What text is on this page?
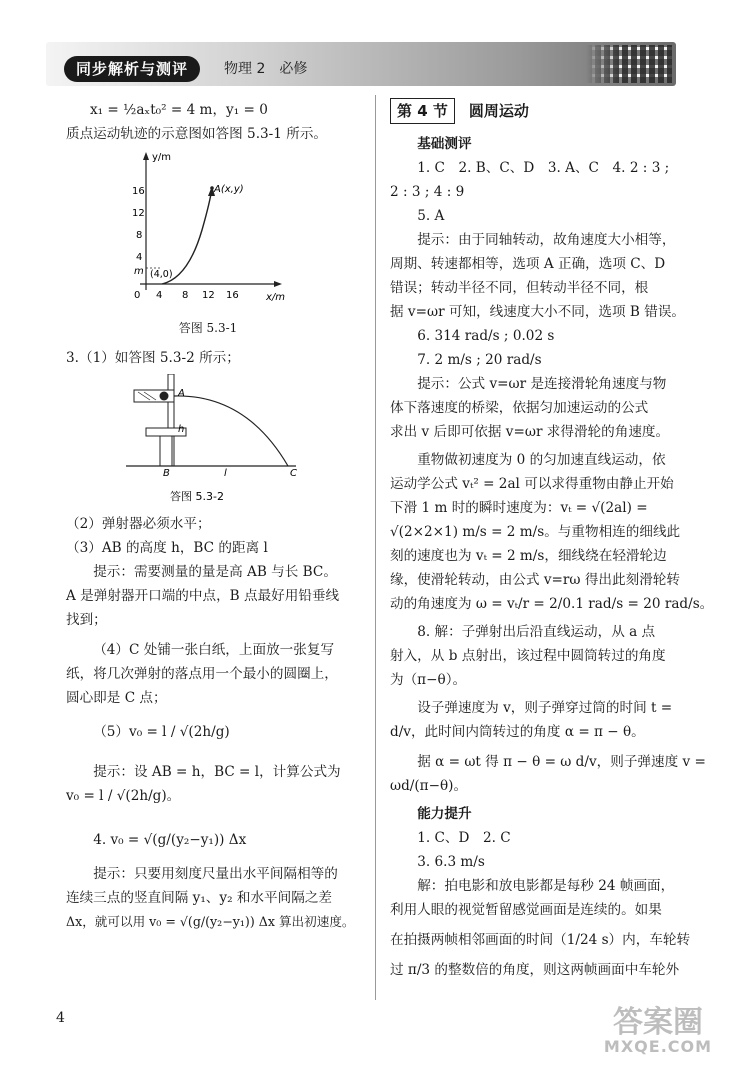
同步解析与测评	物理 2　必修

x₁ = ½aₓt₀² = 4 m，y₁ = 0

质点运动轨迹的示意图如答图 5.3-1 所示。

y/m
x/m
16
12
8
4
m
0 4 8 12 16
A(x,y)
(4,0)

答图 5.3-1

3.（1）如答图 5.3-2 所示；

A
h
B	l	C
答图 5.3-2

（2）弹射器必须水平；

（3）AB 的高度 h，BC 的距离 l

提示：需要测量的量是高 AB 与长 BC。

A 是弹射器开口端的中点，B 点最好用铅垂线

找到；

（4）C 处铺一张白纸，上面放一张复写

纸，将几次弹射的落点用一个最小的圆圈上，

圆心即是 C 点；

（5）v₀ = l / √(2h/g)

提示：设 AB = h，BC = l，计算公式为

v₀ = l / √(2h/g)。

4. v₀ = √(g/(y₂−y₁)) Δx

提示：只要用刻度尺量出水平间隔相等的

连续三点的竖直间隔 y₁、y₂ 和水平间隔之差

Δx，就可以用 v₀ = √(g/(y₂−y₁)) Δx 算出初速度。

第 4 节 圆周运动

基础测评

1. C　2. B、C、D　3. A、C　4. 2 : 3 ;

2 : 3 ; 4 : 9

5. A

提示：由于同轴转动，故角速度大小相等，

周期、转速都相等，选项 A 正确，选项 C、D

错误；转动半径不同，但转动半径不同，根

据 v=ωr 可知，线速度大小不同，选项 B 错误。

6. 314 rad/s ; 0.02 s

7. 2 m/s ; 20 rad/s

提示：公式 v=ωr 是连接滑轮角速度与物

体下落速度的桥梁，依据匀加速运动的公式

求出 v 后即可依据 v=ωr 求得滑轮的角速度。

重物做初速度为 0 的匀加速直线运动，依

运动学公式 vₜ² = 2al 可以求得重物由静止开始

下滑 1 m 时的瞬时速度为：vₜ = √(2al) =

√(2×2×1) m/s = 2 m/s。与重物相连的细线此

刻的速度也为 vₜ = 2 m/s，细线绕在轻滑轮边

缘，使滑轮转动，由公式 v=rω 得出此刻滑轮转

动的角速度为 ω = vₜ/r = 2/0.1 rad/s = 20 rad/s。

8. 解：子弹射出后沿直线运动，从 a 点

射入，从 b 点射出，该过程中圆筒转过的角度

为（π−θ）。

设子弹速度为 v，则子弹穿过筒的时间 t =

d/v，此时间内筒转过的角度 α = π − θ。

据 α = ωt 得 π − θ = ω d/v，则子弹速度 v =

ωd/(π−θ)。

能力提升

1. C、D　2. C

3. 6.3 m/s

解：拍电影和放电影都是每秒 24 帧画面，

利用人眼的视觉暂留感觉画面是连续的。如果

在拍摄两帧相邻画面的时间（1/24 s）内，车轮转

过 π/3 的整数倍的角度，则这两帧画面中车轮外

4	答案圈
MXQE.COM
